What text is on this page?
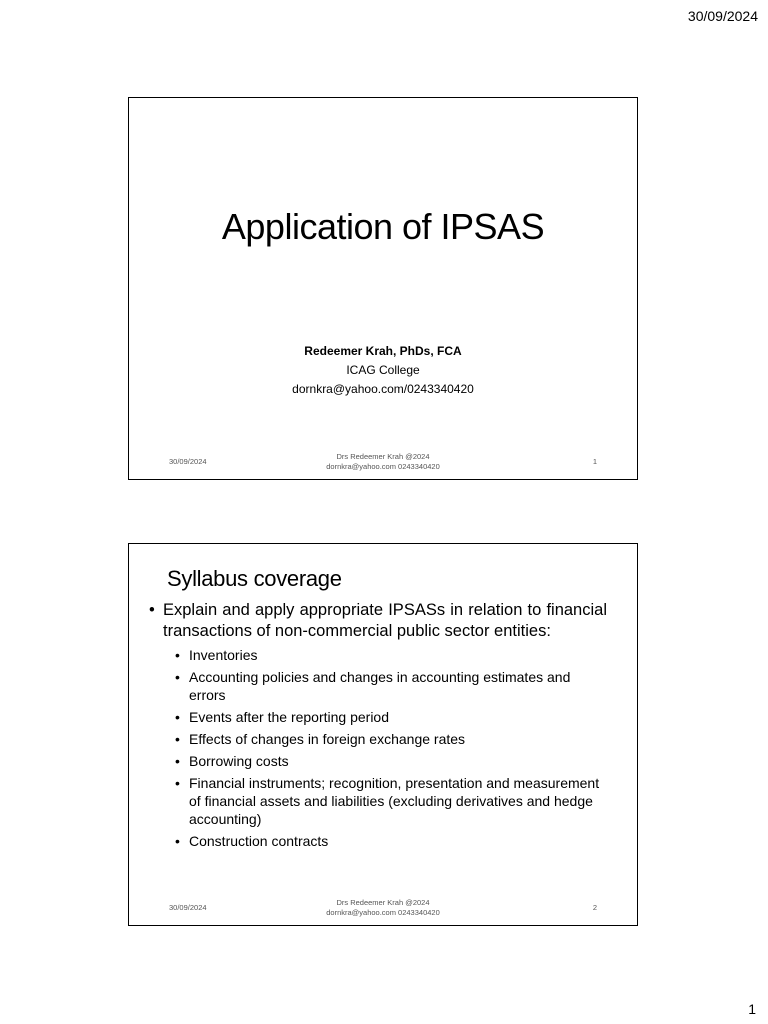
30/09/2024
Application of IPSAS
Redeemer Krah, PhDs, FCA
ICAG College
dornkra@yahoo.com/0243340420
30/09/2024
Drs Redeemer Krah @2024
dornkra@yahoo.com 0243340420
1
Syllabus coverage
• Explain and apply appropriate IPSASs in relation to financial transactions of non-commercial public sector entities:
• Inventories
• Accounting policies and changes in accounting estimates and errors
• Events after the reporting period
• Effects of changes in foreign exchange rates
• Borrowing costs
• Financial instruments; recognition, presentation and measurement of financial assets and liabilities (excluding derivatives and hedge accounting)
• Construction contracts
30/09/2024
Drs Redeemer Krah @2024
dornkra@yahoo.com 0243340420
2
1
